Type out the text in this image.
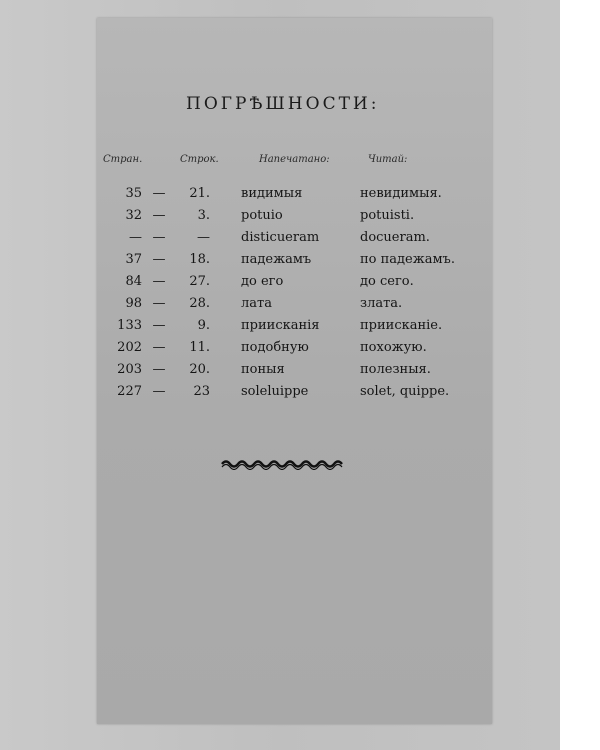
ПОГРѢШНОСТИ:
Стран.	Строк.	Напечатано:	Читай:
35 —	21. видимыя	невидимыя.
32 —	3. potuio	potuisti.
— —	— disticueram	docueram.
37 —	18. падежамъ	по падежамъ.
84 —	27. до его	до сего.
98 —	28. лата	злата.
133 —	9. приисканія	приисканіе.
202 —	11. подобную	похожую.
203 —	20. поныя	полезныя.
227 —	23 soleluippe	solet, quippe.
